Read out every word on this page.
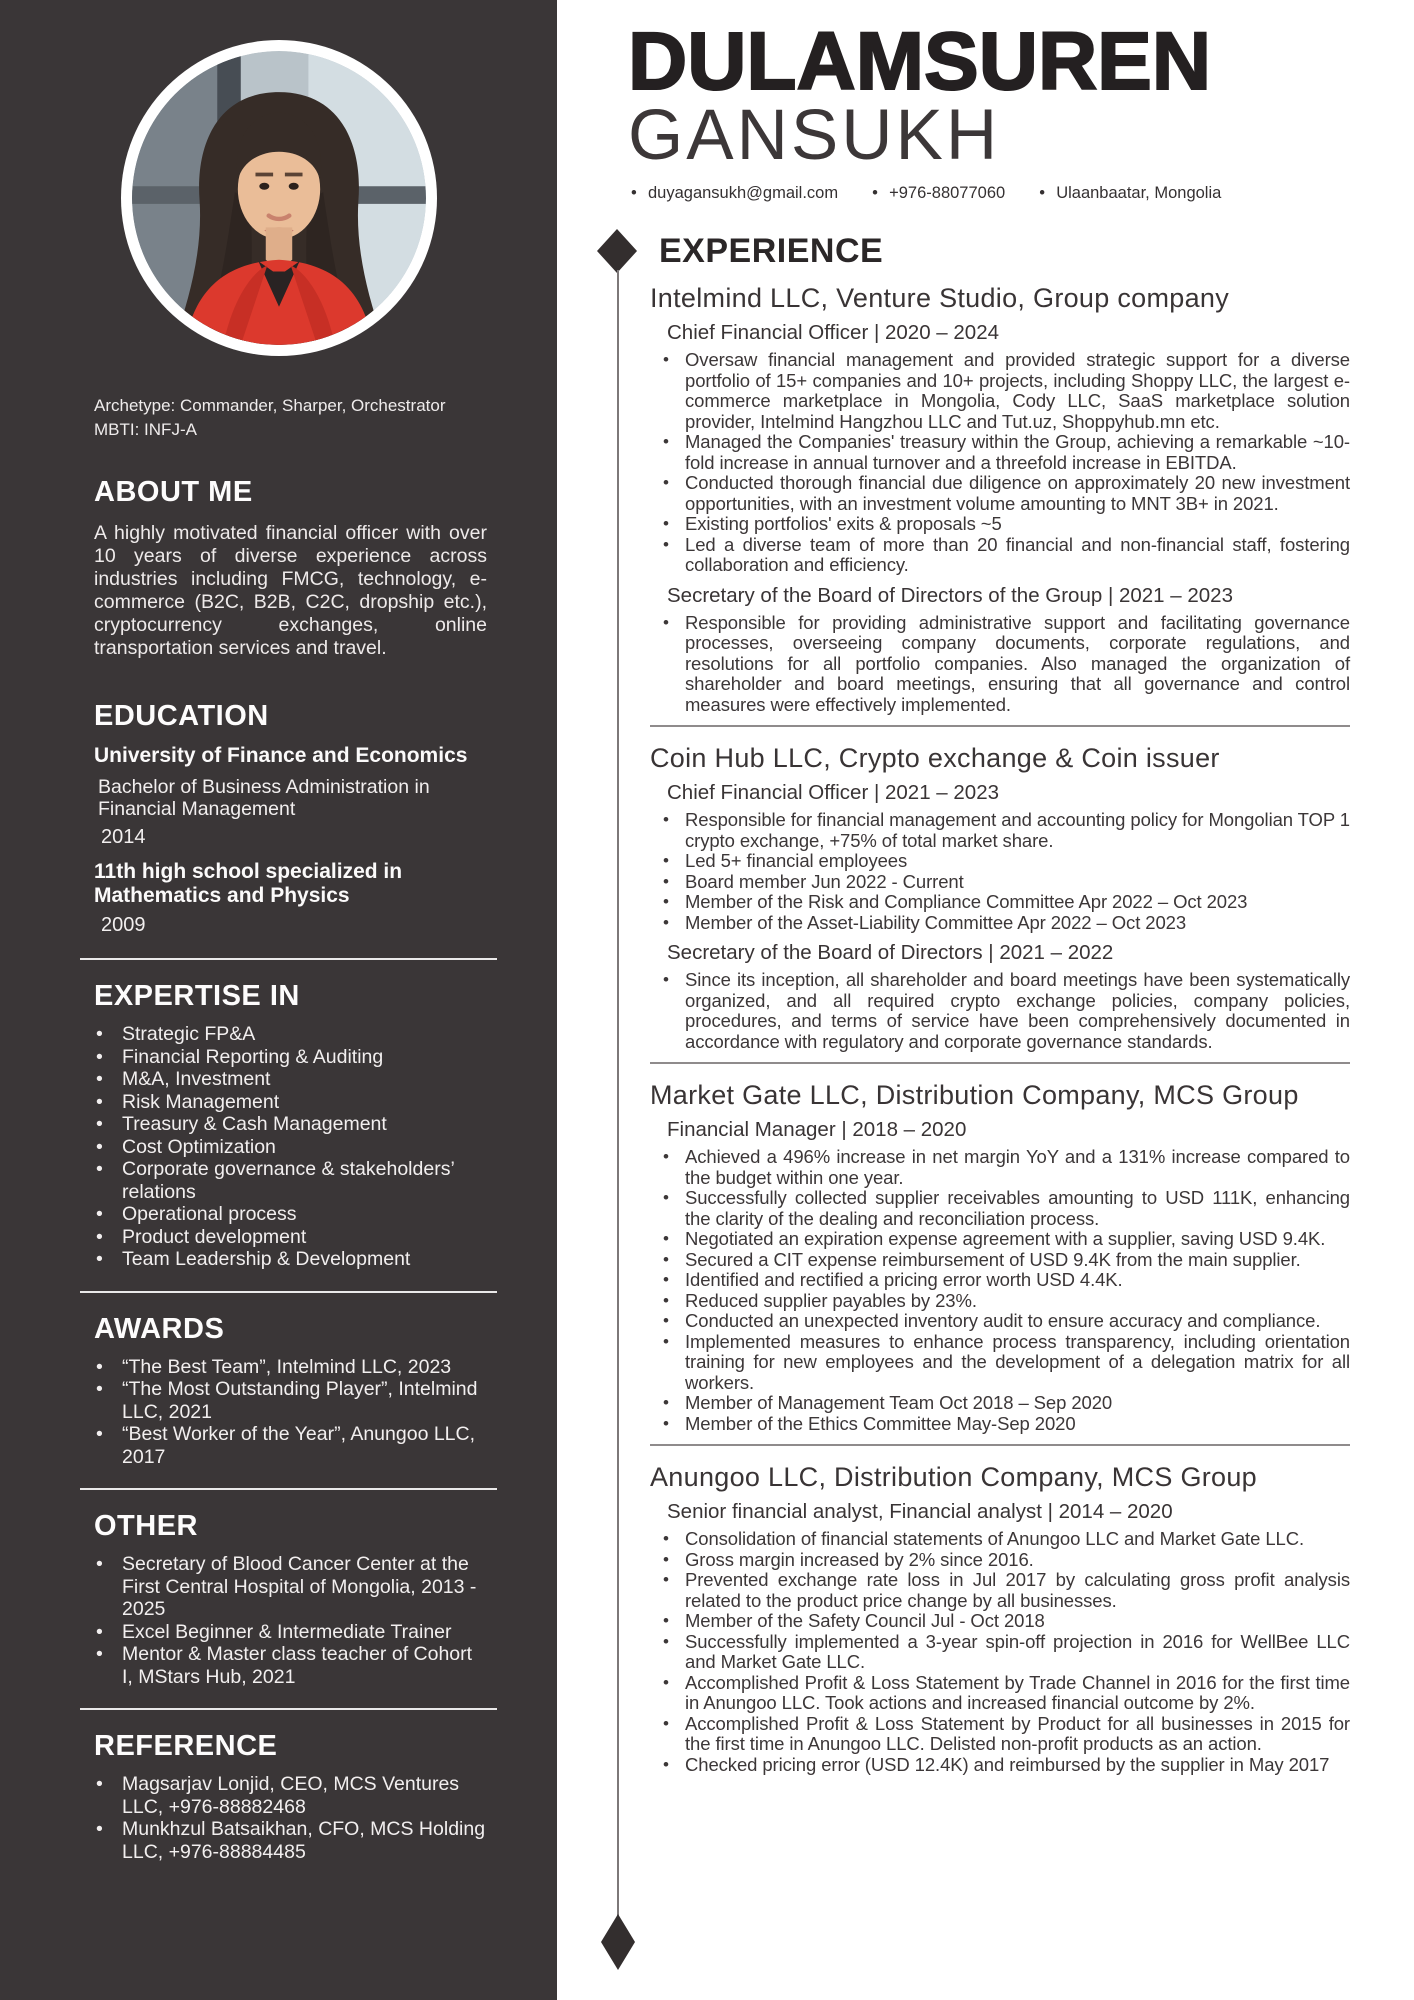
Archetype: Commander, Sharper, Orchestrator

MBTI: INFJ-A

ABOUT ME

A highly motivated financial officer with over 10 years of diverse experience across industries including FMCG, technology, e-commerce (B2C, B2B, C2C, dropship etc.), cryptocurrency exchanges, online transportation services and travel.

EDUCATION
University of Finance and Economics
Bachelor of Business Administration in Financial Management
2014
11th high school specialized in Mathematics and Physics
2009
EXPERTISE IN
• Strategic FP&A
• Financial Reporting & Auditing
• M&A, Investment
• Risk Management
• Treasury & Cash Management
• Cost Optimization
• Corporate governance & stakeholders’ relations
• Operational process
• Product development
• Team Leadership & Development
AWARDS
• “The Best Team”, Intelmind LLC, 2023
• “The Most Outstanding Player”, Intelmind LLC, 2021
• “Best Worker of the Year”, Anungoo LLC, 2017
OTHER
• Secretary of Blood Cancer Center at the First Central Hospital of Mongolia, 2013 - 2025
• Excel Beginner & Intermediate Trainer
• Mentor & Master class teacher of Cohort I, MStars Hub, 2021
REFERENCE
• Magsarjav Lonjid, CEO, MCS Ventures LLC, +976-88882468
• Munkhzul Batsaikhan, CFO, MCS Holding LLC, +976-88884485
DULAMSUREN
GANSUKH
• duyagansukh@gmail.com	• +976-88077060	• Ulaanbaatar, Mongolia
EXPERIENCE
Intelmind LLC, Venture Studio, Group company
Chief Financial Officer | 2020 – 2024
• Oversaw financial management and provided strategic support for a diverse portfolio of 15+ companies and 10+ projects, including Shoppy LLC, the largest e-commerce marketplace in Mongolia, Cody LLC, SaaS marketplace solution provider, Intelmind Hangzhou LLC and Tut.uz, Shoppyhub.mn etc.
• Managed the Companies' treasury within the Group, achieving a remarkable ~10-fold increase in annual turnover and a threefold increase in EBITDA.
• Conducted thorough financial due diligence on approximately 20 new investment opportunities, with an investment volume amounting to MNT 3B+ in 2021.
• Existing portfolios' exits & proposals ~5
• Led a diverse team of more than 20 financial and non-financial staff, fostering collaboration and efficiency.
Secretary of the Board of Directors of the Group | 2021 – 2023
• Responsible for providing administrative support and facilitating governance processes, overseeing company documents, corporate regulations, and resolutions for all portfolio companies. Also managed the organization of shareholder and board meetings, ensuring that all governance and control measures were effectively implemented.
Coin Hub LLC, Crypto exchange & Coin issuer
Chief Financial Officer | 2021 – 2023
• Responsible for financial management and accounting policy for Mongolian TOP 1 crypto exchange, +75% of total market share.
• Led 5+ financial employees
• Board member Jun 2022 - Current
• Member of the Risk and Compliance Committee Apr 2022 – Oct 2023
• Member of the Asset-Liability Committee Apr 2022 – Oct 2023
Secretary of the Board of Directors | 2021 – 2022
• Since its inception, all shareholder and board meetings have been systematically organized, and all required crypto exchange policies, company policies, procedures, and terms of service have been comprehensively documented in accordance with regulatory and corporate governance standards.
Market Gate LLC, Distribution Company, MCS Group
Financial Manager | 2018 – 2020
• Achieved a 496% increase in net margin YoY and a 131% increase compared to the budget within one year.
• Successfully collected supplier receivables amounting to USD 111K, enhancing the clarity of the dealing and reconciliation process.
• Negotiated an expiration expense agreement with a supplier, saving USD 9.4K.
• Secured a CIT expense reimbursement of USD 9.4K from the main supplier.
• Identified and rectified a pricing error worth USD 4.4K.
• Reduced supplier payables by 23%.
• Conducted an unexpected inventory audit to ensure accuracy and compliance.
• Implemented measures to enhance process transparency, including orientation training for new employees and the development of a delegation matrix for all workers.
• Member of Management Team Oct 2018 – Sep 2020
• Member of the Ethics Committee May-Sep 2020
Anungoo LLC, Distribution Company, MCS Group
Senior financial analyst, Financial analyst | 2014 – 2020
• Consolidation of financial statements of Anungoo LLC and Market Gate LLC.
• Gross margin increased by 2% since 2016.
• Prevented exchange rate loss in Jul 2017 by calculating gross profit analysis related to the product price change by all businesses.
• Member of the Safety Council Jul - Oct 2018
• Successfully implemented a 3-year spin-off projection in 2016 for WellBee LLC and Market Gate LLC.
• Accomplished Profit & Loss Statement by Trade Channel in 2016 for the first time in Anungoo LLC. Took actions and increased financial outcome by 2%.
• Accomplished Profit & Loss Statement by Product for all businesses in 2015 for the first time in Anungoo LLC. Delisted non-profit products as an action.
• Checked pricing error (USD 12.4K) and reimbursed by the supplier in May 2017
